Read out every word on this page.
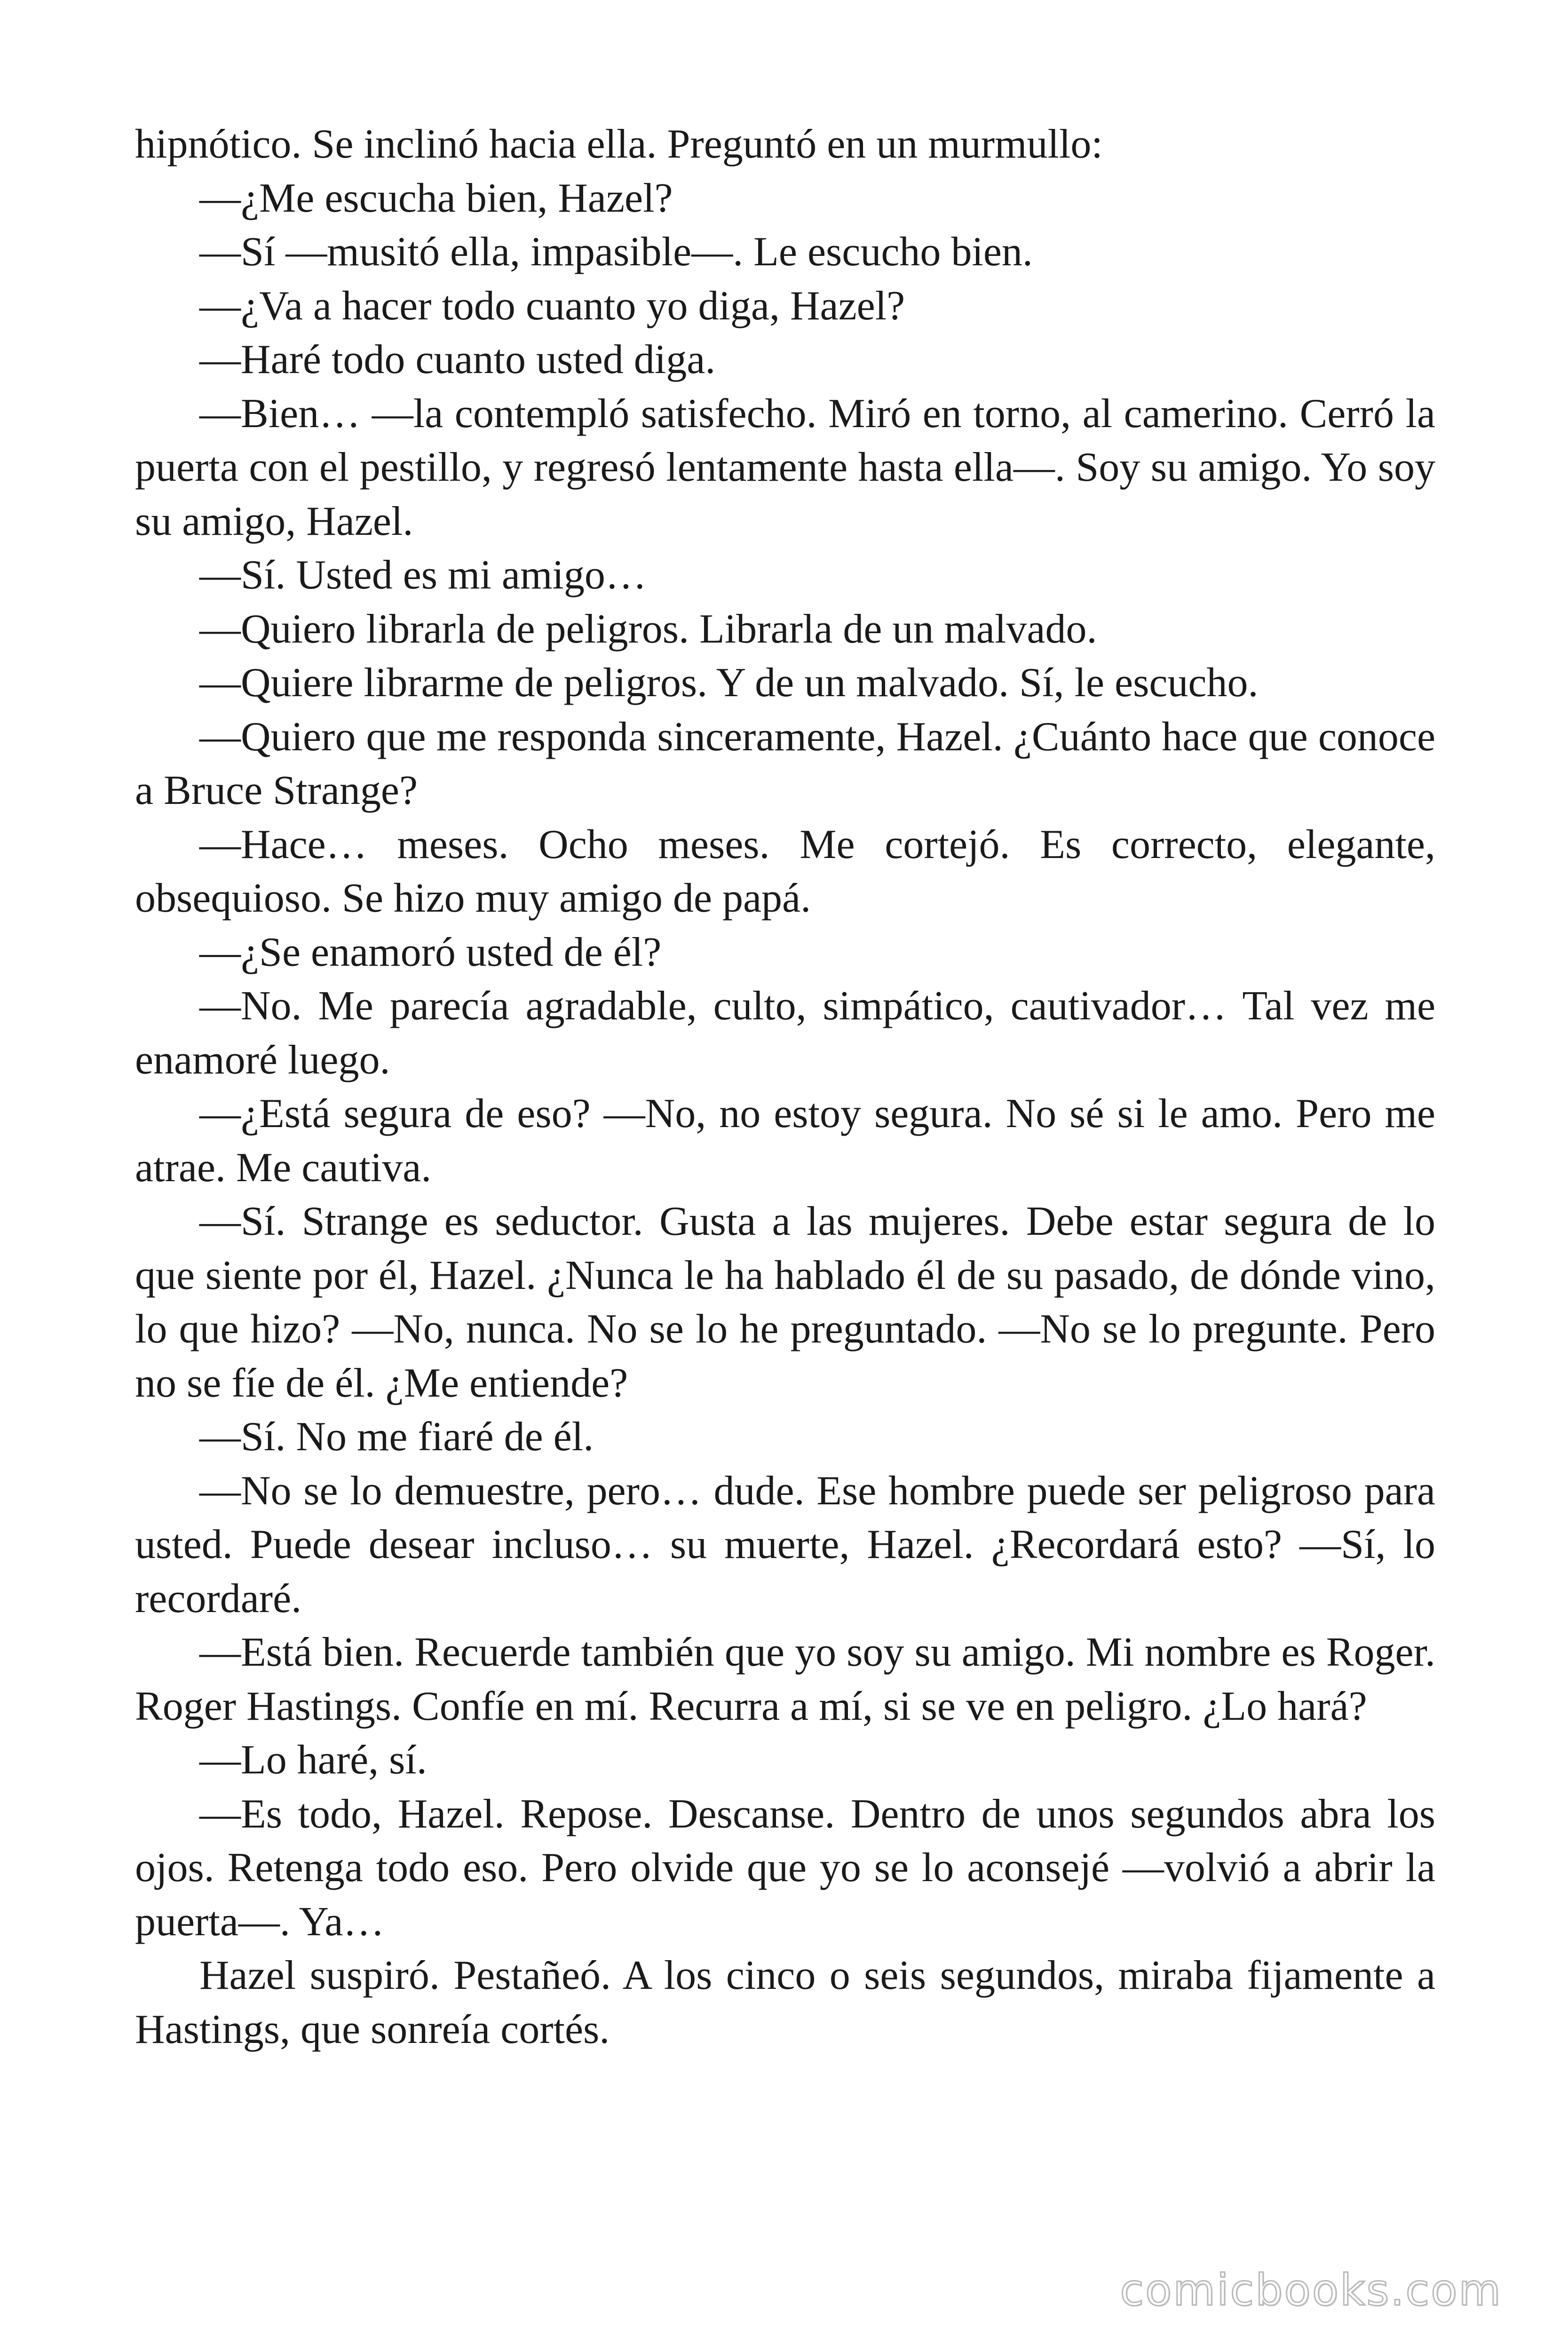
hipnótico. Se inclinó hacia ella. Preguntó en un murmullo:

—¿Me escucha bien, Hazel?

—Sí —musitó ella, impasible—. Le escucho bien.

—¿Va a hacer todo cuanto yo diga, Hazel?

—Haré todo cuanto usted diga.

—Bien… —la contempló satisfecho. Miró en torno, al camerino. Cerró la puerta con el pestillo, y regresó lentamente hasta ella—. Soy su amigo. Yo soy su amigo, Hazel.

—Sí. Usted es mi amigo…

—Quiero librarla de peligros. Librarla de un malvado.

—Quiere librarme de peligros. Y de un malvado. Sí, le escucho.

—Quiero que me responda sinceramente, Hazel. ¿Cuánto hace que conoce a Bruce Strange?

—Hace… meses. Ocho meses. Me cortejó. Es correcto, elegante, obsequioso. Se hizo muy amigo de papá.

—¿Se enamoró usted de él?

—No. Me parecía agradable, culto, simpático, cautivador… Tal vez me enamoré luego.

—¿Está segura de eso? —No, no estoy segura. No sé si le amo. Pero me atrae. Me cautiva.

—Sí. Strange es seductor. Gusta a las mujeres. Debe estar segura de lo que siente por él, Hazel. ¿Nunca le ha hablado él de su pasado, de dónde vino, lo que hizo? —No, nunca. No se lo he preguntado. —No se lo pregunte. Pero no se fíe de él. ¿Me entiende?

—Sí. No me fiaré de él.

—No se lo demuestre, pero… dude. Ese hombre puede ser peligroso para usted. Puede desear incluso… su muerte, Hazel. ¿Recordará esto? —Sí, lo recordaré.

—Está bien. Recuerde también que yo soy su amigo. Mi nombre es Roger. Roger Hastings. Confíe en mí. Recurra a mí, si se ve en peligro. ¿Lo hará?

—Lo haré, sí.

—Es todo, Hazel. Repose. Descanse. Dentro de unos segundos abra los ojos. Retenga todo eso. Pero olvide que yo se lo aconsejé —volvió a abrir la puerta—. Ya…

Hazel suspiró. Pestañeó. A los cinco o seis segundos, miraba fijamente a Hastings, que sonreía cortés.

comicbooks.com
